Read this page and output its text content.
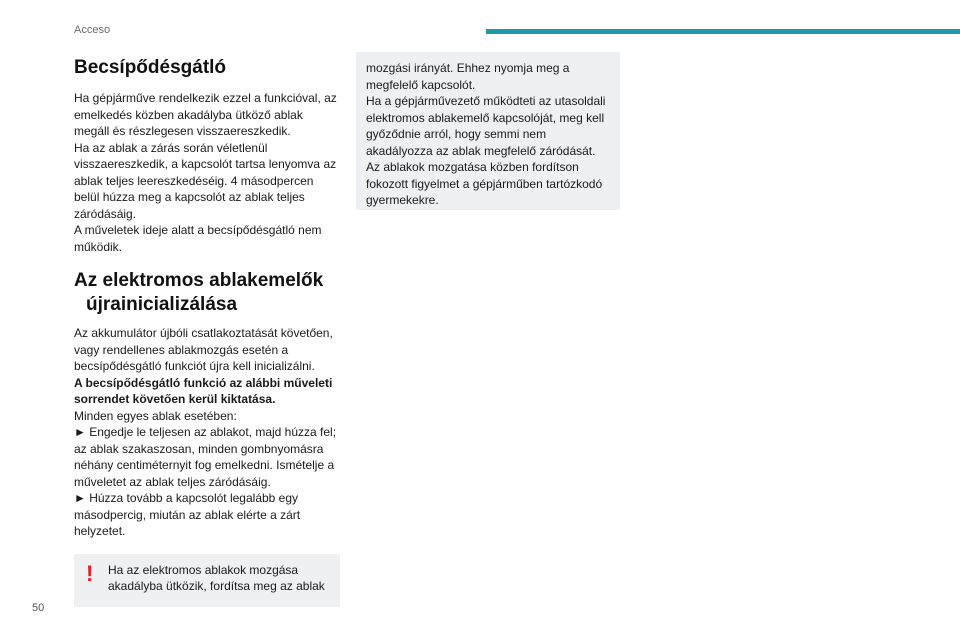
Acceso
Becsípődésgátló

Ha gépjárműve rendelkezik ezzel a funkcióval, az emelkedés közben akadályba ütköző ablak megáll és részlegesen visszaereszkedik.

Ha az ablak a zárás során véletlenül visszaereszkedik, a kapcsolót tartsa lenyomva az ablak teljes leereszkedéséig. 4 másodpercen belül húzza meg a kapcsolót az ablak teljes záródásáig.

A műveletek ideje alatt a becsípődésgátló nem működik.

Az elektromos ablakemelők újrainicializálása

Az akkumulátor újbóli csatlakoztatását követően, vagy rendellenes ablakmozgás esetén a becsípődésgátló funkciót újra kell inicializálni.

A becsípődésgátló funkció az alábbi műveleti sorrendet követően kerül kiktatása.

Minden egyes ablak esetében:

► Engedje le teljesen az ablakot, majd húzza fel; az ablak szakaszosan, minden gombnyomásra néhány centiméternyit fog emelkedni. Ismételje a műveletet az ablak teljes záródásáig.

► Húzza tovább a kapcsolót legalább egy másodpercig, miután az ablak elérte a zárt helyzetet.

! Ha az elektromos ablakok mozgása akadályba ütközik, fordítsa meg az ablak

mozgási irányát. Ehhez nyomja meg a megfelelő kapcsolót.

Ha a gépjárművezető működteti az utasoldali elektromos ablakemelő kapcsolóját, meg kell győződnie arról, hogy semmi nem akadályozza az ablak megfelelő záródását.

Az ablakok mozgatása közben fordítson fokozott figyelmet a gépjárműben tartózkodó gyermekekre.

50
